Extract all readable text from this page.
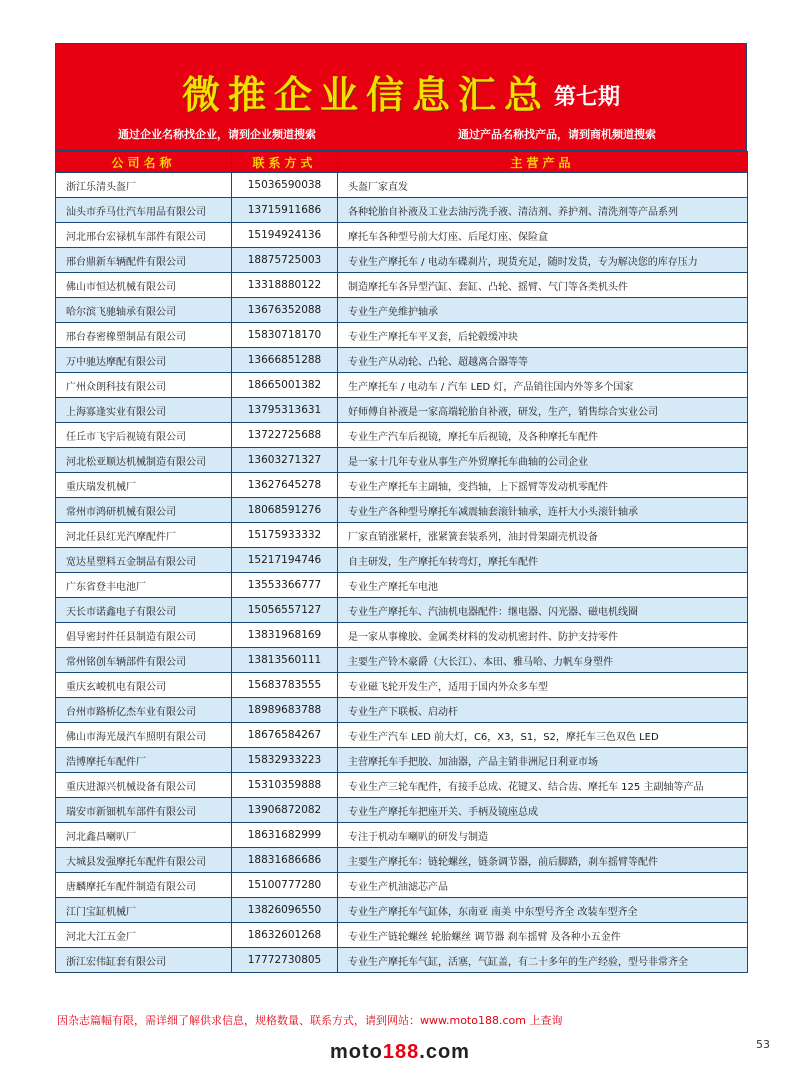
微推企业信息汇总 第七期
通过企业名称找企业，请到企业频道搜索	通过产品名称找产品，请到商机频道搜索
公司名称	联系方式	主营产品
浙江乐清头盔厂	15036590038	头盔厂家直发
汕头市乔马仕汽车用品有限公司	13715911686	各种轮胎自补液及工业去油污洗手液、清洁剂、养护剂、清洗剂等产品系列
河北邢台宏禄机车部件有限公司	15194924136	摩托车各种型号前大灯座、后尾灯座、保险盒
邢台鼎新车辆配件有限公司	18875725003	专业生产摩托车 / 电动车碟刹片，现货充足，随时发货，专为解决您的库存压力
佛山市恒达机械有限公司	13318880122	制造摩托车各异型汽缸、套缸、凸轮、摇臂、气门等各类机头件
哈尔滨飞驰轴承有限公司	13676352088	专业生产免维护轴承
邢台春密橡塑制品有限公司	15830718170	专业生产摩托车平叉套，后轮毂缓冲块
万中驰达摩配有限公司	13666851288	专业生产从动轮、凸轮、超越离合器等等
广州众朗科技有限公司	18665001382	生产摩托车 / 电动车 / 汽车 LED 灯，产品销往国内外等多个国家
上海寡逢实业有限公司	13795313631	好师傅自补液是一家高端轮胎自补液，研发，生产，销售综合实业公司
任丘市飞宇后视镜有限公司	13722725688	专业生产汽车后视镜，摩托车后视镜，及各种摩托车配件
河北松亚顺达机械制造有限公司	13603271327	是一家十几年专业从事生产外贸摩托车曲轴的公司企业
重庆瑞发机械厂	13627645278	专业生产摩托车主副轴，变挡轴，上下摇臂等发动机零配件
常州市鸿研机械有限公司	18068591276	专业生产各种型号摩托车减震轴套滚针轴承，连杆大小头滚针轴承
河北任县红光汽摩配件厂	15175933332	厂家直销涨紧杆，涨紧簧套装系列，油封骨架副壳机设备
宽达星塑料五金制品有限公司	15217194746	自主研发，生产摩托车转弯灯，摩托车配件
广东省登丰电池厂	13553366777	专业生产摩托车电池
天长市诺鑫电子有限公司	15056557127	专业生产摩托车、汽油机电器配件：继电器、闪光器、磁电机线圈
倡导密封件任县制造有限公司	13831968169	是一家从事橡胶、金属类材料的发动机密封件、防护支持零件
常州铭创车辆部件有限公司	13813560111	主要生产铃木豪爵（大长江）、本田、雅马哈、力帆车身塑件
重庆玄峻机电有限公司	15683783555	专业磁飞轮开发生产，适用于国内外众多车型
台州市路桥亿杰车业有限公司	18989683788	专业生产下联板、启动杆
佛山市海光晟汽车照明有限公司	18676584267	专业生产汽车 LED 前大灯，C6，X3，S1，S2，摩托车三色双色 LED
浩博摩托车配件厂	15832933223	主营摩托车手把胶、加油器，产品主销非洲尼日利亚市场
重庆进源兴机械设备有限公司	15310359888	专业生产三轮车配件，有接手总成、花键叉、结合齿、摩托车 125 主副轴等产品
瑞安市新钿机车部件有限公司	13906872082	专业生产摩托车把座开关、手柄及镜座总成
河北鑫昌喇叭厂	18631682999	专注于机动车喇叭的研发与制造
大城县发强摩托车配件有限公司	18831686686	主要生产摩托车：链轮螺丝，链条调节器，前后脚踏，刹车摇臂等配件
唐麟摩托车配件制造有限公司	15100777280	专业生产机油滤芯产品
江门宝缸机械厂	13826096550	专业生产摩托车气缸体，东南亚 南美 中东型号齐全 改装车型齐全
河北大江五金厂	18632601268	专业生产链轮螺丝 轮胎螺丝 调节器 刹车摇臂 及各种小五金件
浙江宏伟缸套有限公司	17772730805	专业生产摩托车气缸，活塞，气缸盖，有二十多年的生产经验，型号非常齐全
因杂志篇幅有限，需详细了解供求信息，规格数量、联系方式，请到网站：www.moto188.com 上查询
moto188.com	53
